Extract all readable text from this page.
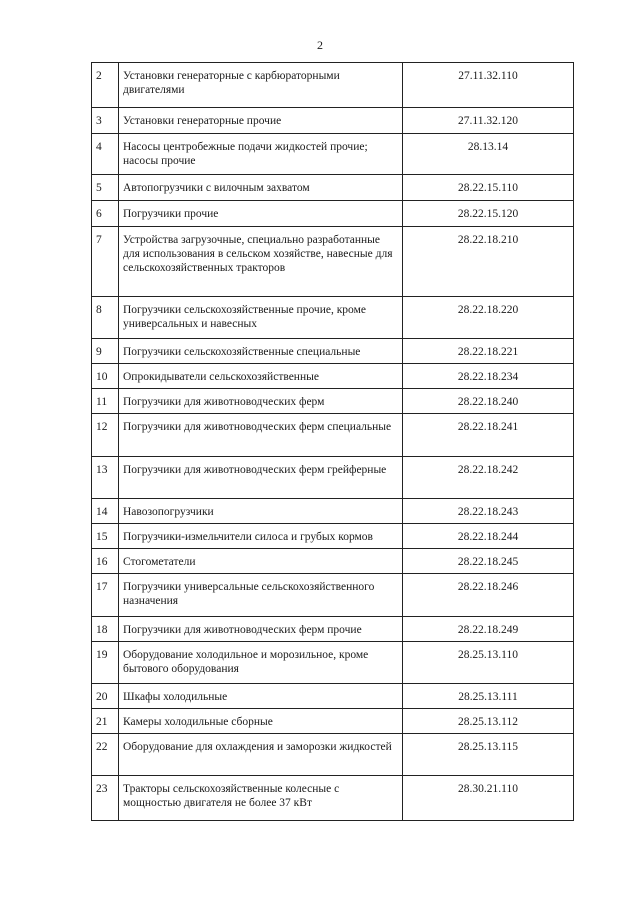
2
2	Установки генераторные с карбюраторными двигателями	27.11.32.110
3	Установки генераторные прочие	27.11.32.120
4	Насосы центробежные подачи жидкостей прочие; насосы прочие	28.13.14
5	Автопогрузчики с вилочным захватом	28.22.15.110
6	Погрузчики прочие	28.22.15.120
7	Устройства загрузочные, специально разработанные для использования в сельском хозяйстве, навесные для сельскохозяйственных тракторов	28.22.18.210
8	Погрузчики сельскохозяйственные прочие, кроме универсальных и навесных	28.22.18.220
9	Погрузчики сельскохозяйственные специальные	28.22.18.221
10	Опрокидыватели сельскохозяйственные	28.22.18.234
11	Погрузчики для животноводческих ферм	28.22.18.240
12	Погрузчики для животноводческих ферм специальные	28.22.18.241
13	Погрузчики для животноводческих ферм грейферные	28.22.18.242
14	Навозопогрузчики	28.22.18.243
15	Погрузчики-измельчители силоса и грубых кормов	28.22.18.244
16	Стогометатели	28.22.18.245
17	Погрузчики универсальные сельскохозяйственного назначения	28.22.18.246
18	Погрузчики для животноводческих ферм прочие	28.22.18.249
19	Оборудование холодильное и морозильное, кроме бытового оборудования	28.25.13.110
20	Шкафы холодильные	28.25.13.111
21	Камеры холодильные сборные	28.25.13.112
22	Оборудование для охлаждения и заморозки жидкостей	28.25.13.115
23	Тракторы сельскохозяйственные колесные с мощностью двигателя не более 37 кВт	28.30.21.110
